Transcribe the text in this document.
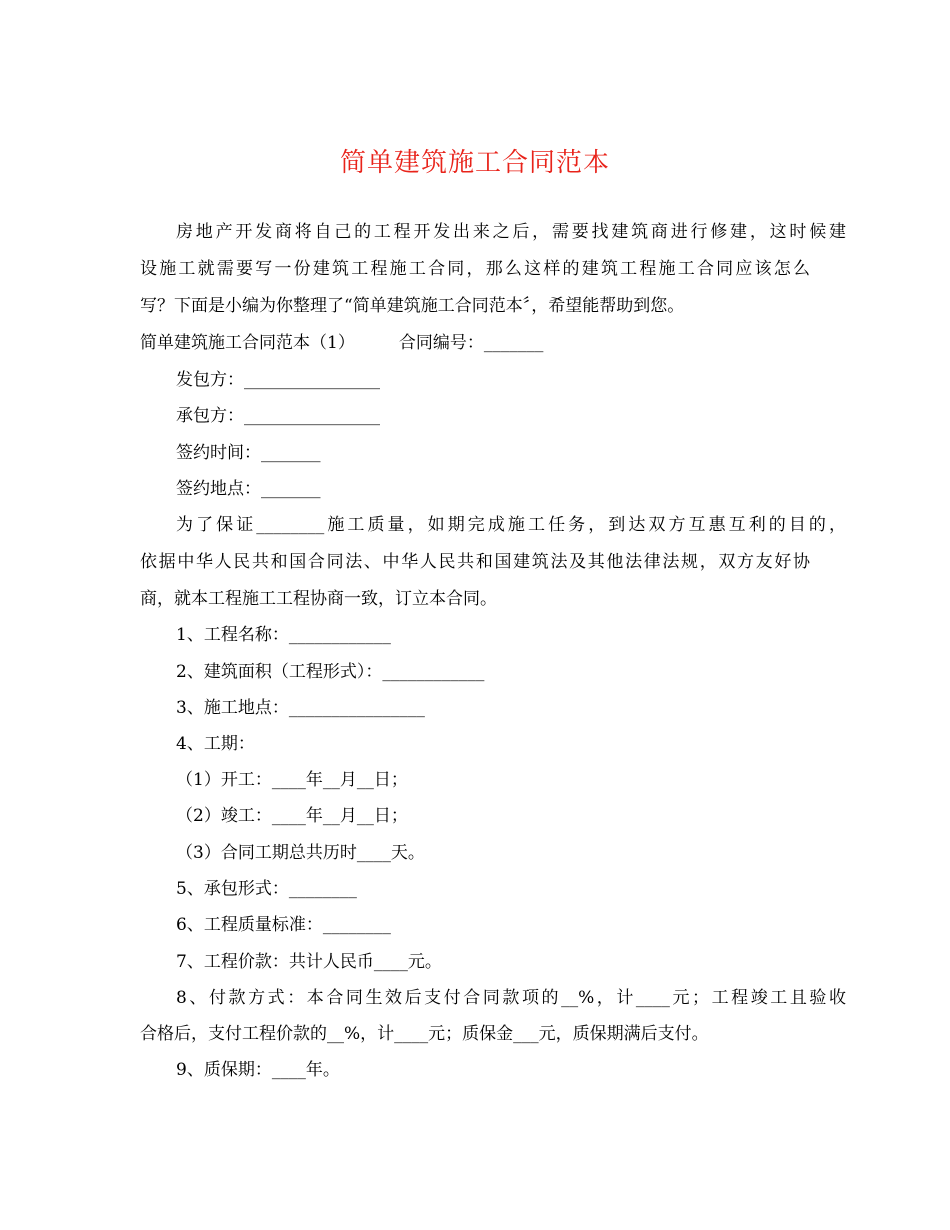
简单建筑施工合同范本
房地产开发商将自己的工程开发出来之后，需要找建筑商进行修建，这时候建
设施工就需要写一份建筑工程施工合同，那么这样的建筑工程施工合同应该怎么
写？下面是小编为你整理了“简单建筑施工合同范本〞，希望能帮助到您。
简单建筑施工合同范本（1）	合同编号：_______
发包方：________________
承包方：________________
签约时间：_______
签约地点：_______
为了保证________施工质量，如期完成施工任务，到达双方互惠互利的目的，
依据中华人民共和国合同法、中华人民共和国建筑法及其他法律法规，双方友好协
商，就本工程施工工程协商一致，订立本合同。
1、工程名称：____________
2、建筑面积（工程形式）：____________
3、施工地点：________________
4、工期：
（1）开工：____年__月__日；
（2）竣工：____年__月__日；
（3）合同工期总共历时____天。
5、承包形式：________
6、工程质量标准：________
7、工程价款：共计人民币____元。
8、付款方式：本合同生效后支付合同款项的__%，计____元；工程竣工且验收
合格后，支付工程价款的__%，计____元；质保金___元，质保期满后支付。
9、质保期：____年。
